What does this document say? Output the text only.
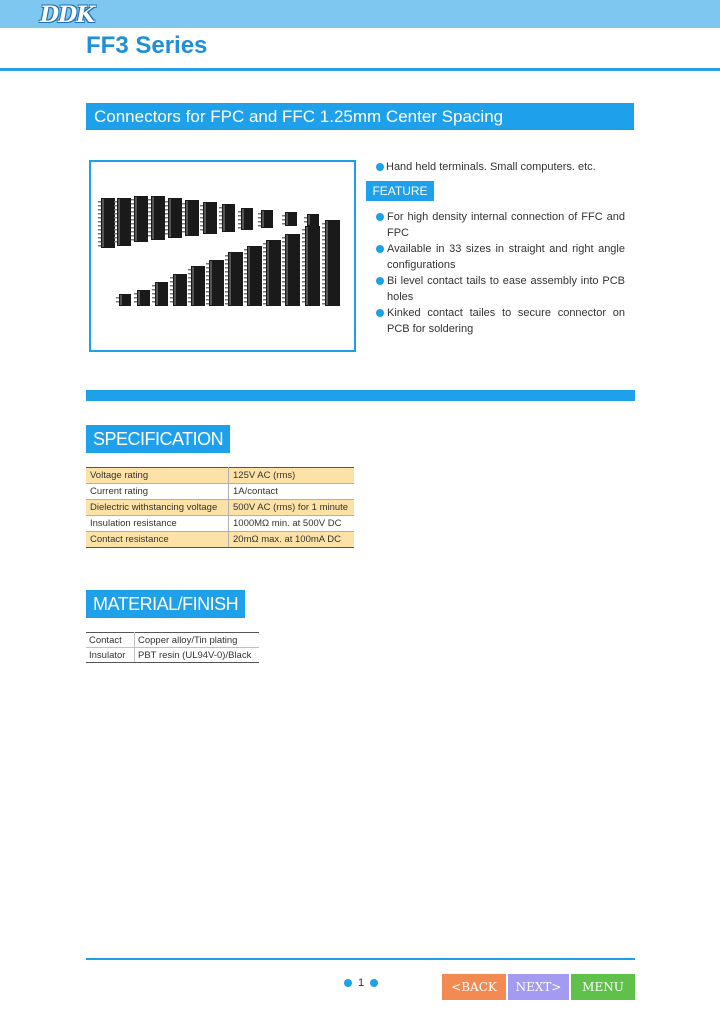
DDK
FF3 Series
Connectors for FPC and FFC 1.25mm Center Spacing
Hand held terminals. Small computers. etc.
FEATURE
For high density internal connection of FFC and FPC
Available in 33 sizes in straight and right angle configurations
Bi level contact tails to ease assembly into PCB holes
Kinked contact tailes to secure connector on PCB for soldering
SPECIFICATION
Voltage rating	125V AC (rms)
Current rating	1A/contact
Dielectric withstancing voltage	500V AC (rms) for 1 minute
Insulation resistance	1000MΩ min. at 500V DC
Contact resistance	20mΩ max. at 100mA DC
MATERIAL/FINISH
Contact	Copper alloy/Tin plating
Insulator	PBT resin (UL94V-0)/Black
1	<BACK	NEXT>	MENU
